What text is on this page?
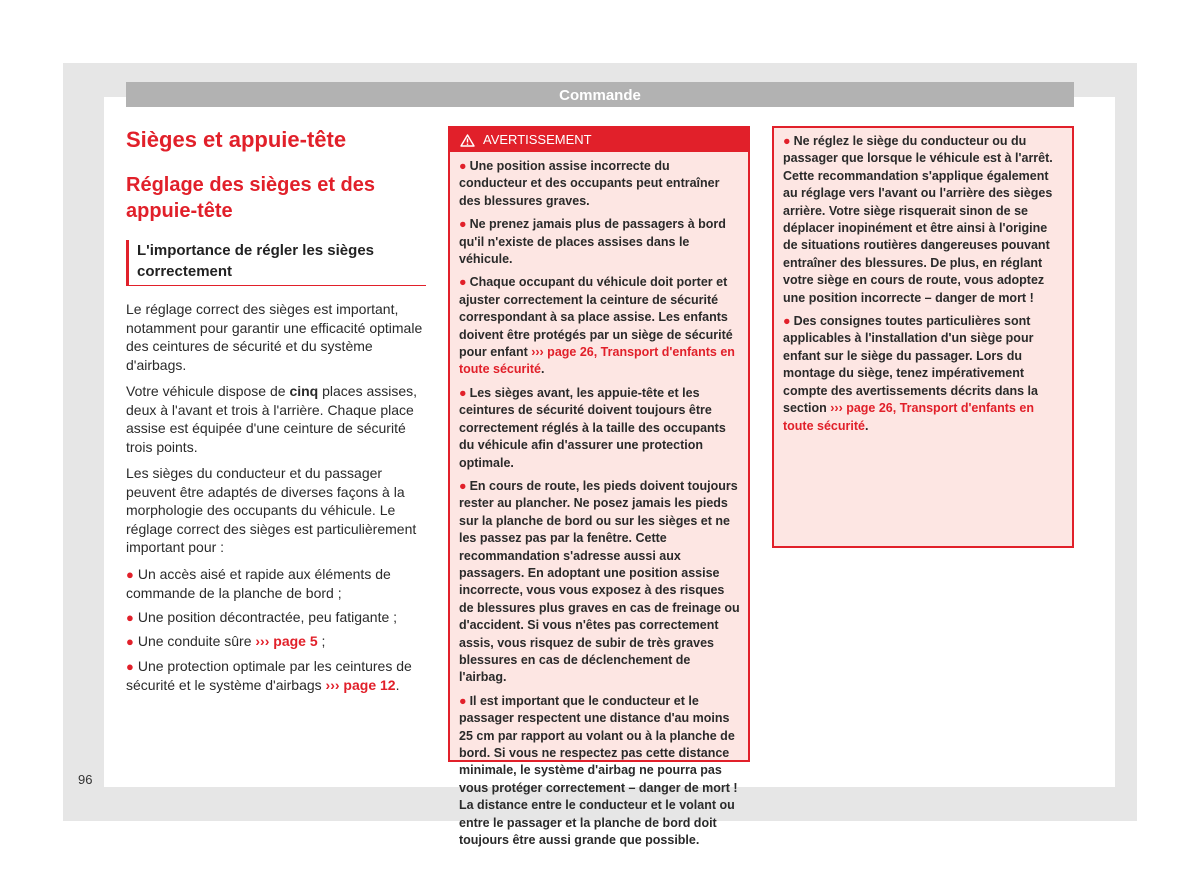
Commande
Sièges et appuie-tête
Réglage des sièges et des appuie-tête
L'importance de régler les sièges correctement

Le réglage correct des sièges est important, notamment pour garantir une efficacité optimale des ceintures de sécurité et du système d'airbags.

Votre véhicule dispose de cinq places assises, deux à l'avant et trois à l'arrière. Chaque place assise est équipée d'une ceinture de sécurité trois points.

Les sièges du conducteur et du passager peuvent être adaptés de diverses façons à la morphologie des occupants du véhicule. Le réglage correct des sièges est particulièrement important pour :

● Un accès aisé et rapide aux éléments de commande de la planche de bord ;
● Une position décontractée, peu fatigante ;
● Une conduite sûre ››› page 5 ;
● Une protection optimale par les ceintures de sécurité et le système d'airbags ››› page 12.
AVERTISSEMENT

● Une position assise incorrecte du conducteur et des occupants peut entraîner des blessures graves.

● Ne prenez jamais plus de passagers à bord qu'il n'existe de places assises dans le véhicule.

● Chaque occupant du véhicule doit porter et ajuster correctement la ceinture de sécurité correspondant à sa place assise. Les enfants doivent être protégés par un siège de sécurité pour enfant ››› page 26, Transport d'enfants en toute sécurité.

● Les sièges avant, les appuie-tête et les ceintures de sécurité doivent toujours être correctement réglés à la taille des occupants du véhicule afin d'assurer une protection optimale.

● En cours de route, les pieds doivent toujours rester au plancher. Ne posez jamais les pieds sur la planche de bord ou sur les sièges et ne les passez pas par la fenêtre. Cette recommandation s'adresse aussi aux passagers. En adoptant une position assise incorrecte, vous vous exposez à des risques de blessures plus graves en cas de freinage ou d'accident. Si vous n'êtes pas correctement assis, vous risquez de subir de très graves blessures en cas de déclenchement de l'airbag.

● Il est important que le conducteur et le passager respectent une distance d'au moins 25 cm par rapport au volant ou à la planche de bord. Si vous ne respectez pas cette distance minimale, le système d'airbag ne pourra pas vous protéger correctement – danger de mort ! La distance entre le conducteur et le volant ou entre le passager et la planche de bord doit toujours être aussi grande que possible.

● Ne réglez le siège du conducteur ou du passager que lorsque le véhicule est à l'arrêt. Cette recommandation s'applique également au réglage vers l'avant ou l'arrière des sièges arrière. Votre siège risquerait sinon de se déplacer inopinément et être ainsi à l'origine de situations routières dangereuses pouvant entraîner des blessures. De plus, en réglant votre siège en cours de route, vous adoptez une position incorrecte – danger de mort !

● Des consignes toutes particulières sont applicables à l'installation d'un siège pour enfant sur le siège du passager. Lors du montage du siège, tenez impérativement compte des avertissements décrits dans la section ››› page 26, Transport d'enfants en toute sécurité.

96
